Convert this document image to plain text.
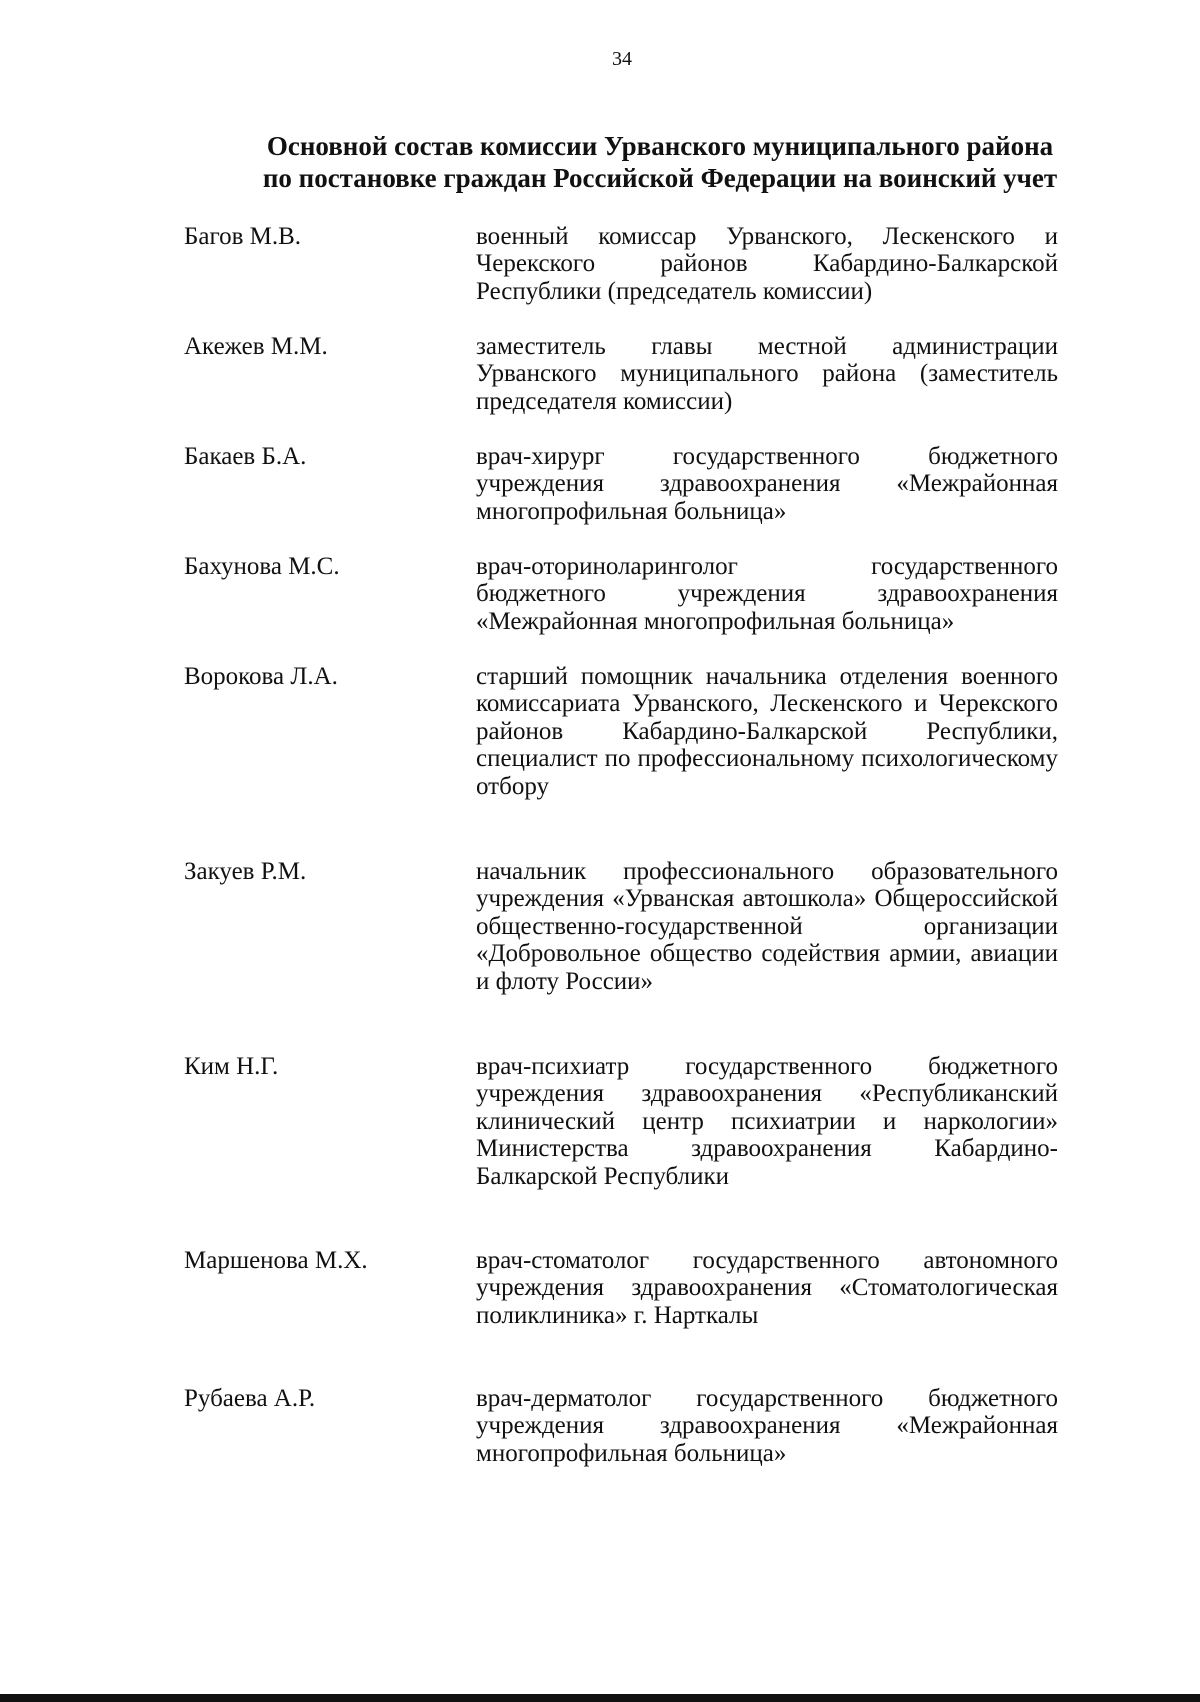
34
Основной состав комиссии Урванского муниципального района
по постановке граждан Российской Федерации на воинский учет
Багов М.В.	военный комиссар Урванского, Лескенского и Черекского районов Кабардино-Балкарской Республики (председатель комиссии)
Акежев М.М.	заместитель главы местной администрации Урванского муниципального района (заместитель председателя комиссии)
Бакаев Б.А.	врач-хирург государственного бюджетного учреждения здравоохранения «Межрайонная многопрофильная больница»
Бахунова М.С.	врач-оториноларинголог государственного бюджетного учреждения здравоохранения «Межрайонная многопрофильная больница»
Ворокова Л.А.	старший помощник начальника отделения военного комиссариата Урванского, Лескенского и Черекского районов Кабардино-Балкарской Республики, специалист по профессиональному психологическому отбору
Закуев Р.М.	начальник профессионального образовательного учреждения «Урванская автошкола» Общероссийской общественно-государственной организации «Добровольное общество содействия армии, авиации и флоту России»
Ким Н.Г.	врач-психиатр государственного бюджетного учреждения здравоохранения «Республиканский клинический центр психиатрии и наркологии» Министерства здравоохранения Кабардино-Балкарской Республики
Маршенова М.Х.	врач-стоматолог государственного автономного учреждения здравоохранения «Стоматологическая поликлиника» г. Нарткалы
Рубаева А.Р.	врач-дерматолог государственного бюджетного учреждения здравоохранения «Межрайонная многопрофильная больница»
